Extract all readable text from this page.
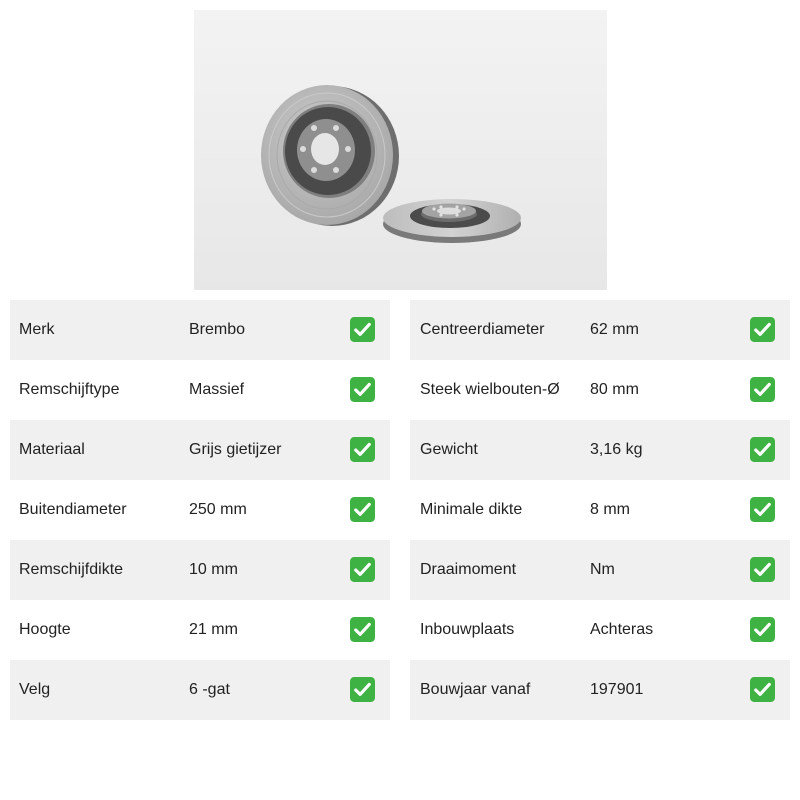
Merk	Brembo
Remschijftype	Massief
Materiaal	Grijs gietijzer
Buitendiameter	250 mm
Remschijfdikte	10 mm
Hoogte	21 mm
Velg	6 -gat
Centreerdiameter	62 mm
Steek wielbouten-Ø 80 mm
Gewicht	3,16 kg
Minimale dikte	8 mm
Draaimoment	Nm
Inbouwplaats	Achteras
Bouwjaar vanaf	197901
